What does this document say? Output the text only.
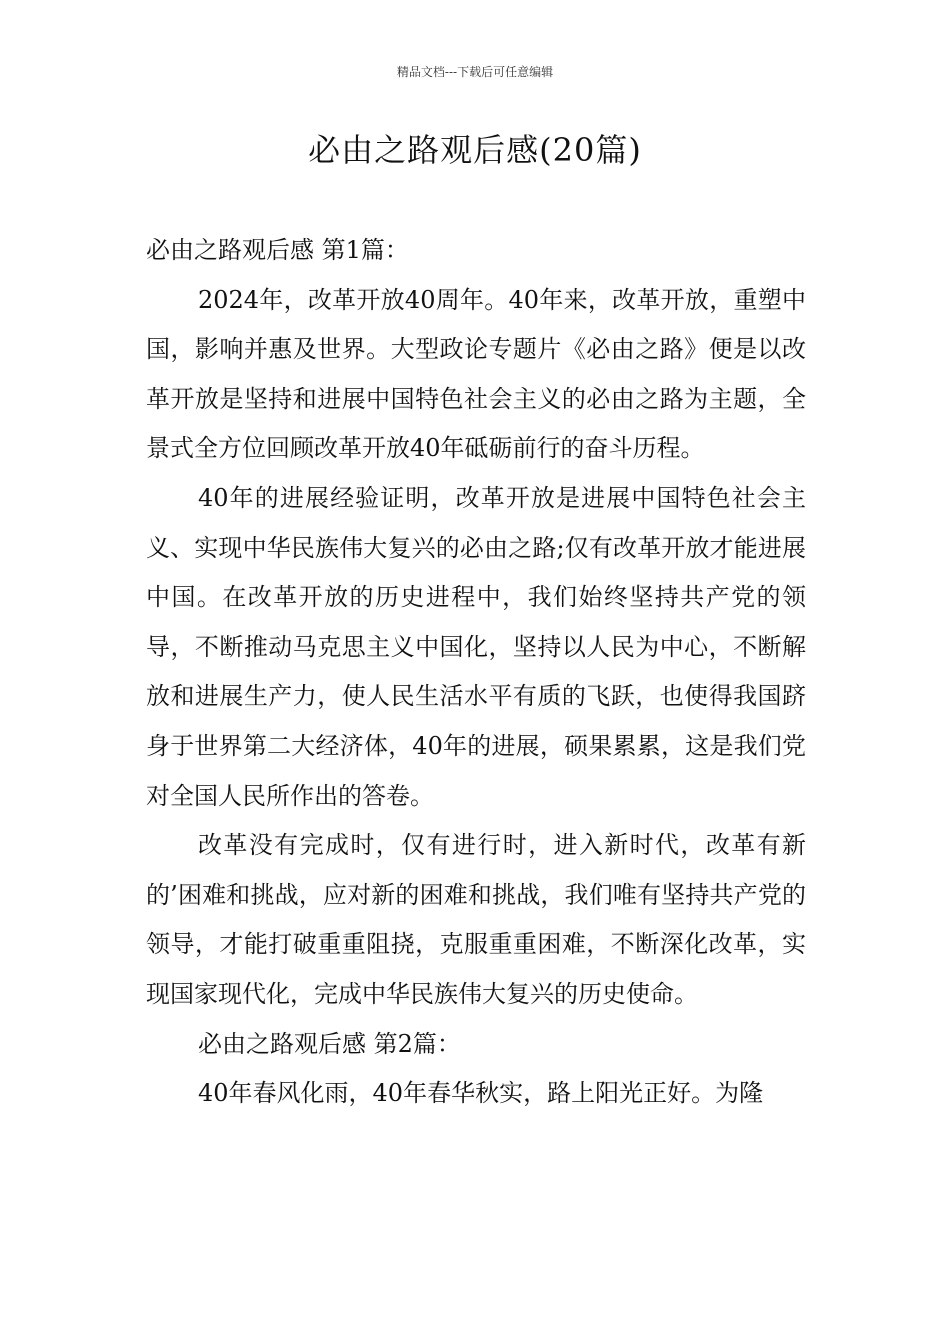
精品文档---下载后可任意编辑
必由之路观后感(20篇)

必由之路观后感 第1篇：

2024年，改革开放40周年。40年来，改革开放，重塑中国，影响并惠及世界。大型政论专题片《必由之路》便是以改革开放是坚持和进展中国特色社会主义的必由之路为主题，全景式全方位回顾改革开放40年砥砺前行的奋斗历程。

40年的进展经验证明，改革开放是进展中国特色社会主义、实现中华民族伟大复兴的必由之路;仅有改革开放才能进展中国。在改革开放的历史进程中，我们始终坚持共产党的领导，不断推动马克思主义中国化，坚持以人民为中心，不断解放和进展生产力，使人民生活水平有质的飞跃，也使得我国跻身于世界第二大经济体，40年的进展，硕果累累，这是我们党对全国人民所作出的答卷。

改革没有完成时，仅有进行时，进入新时代，改革有新的’困难和挑战，应对新的困难和挑战，我们唯有坚持共产党的领导，才能打破重重阻挠，克服重重困难，不断深化改革，实现国家现代化，完成中华民族伟大复兴的历史使命。

必由之路观后感 第2篇：

40年春风化雨，40年春华秋实，路上阳光正好。为隆
